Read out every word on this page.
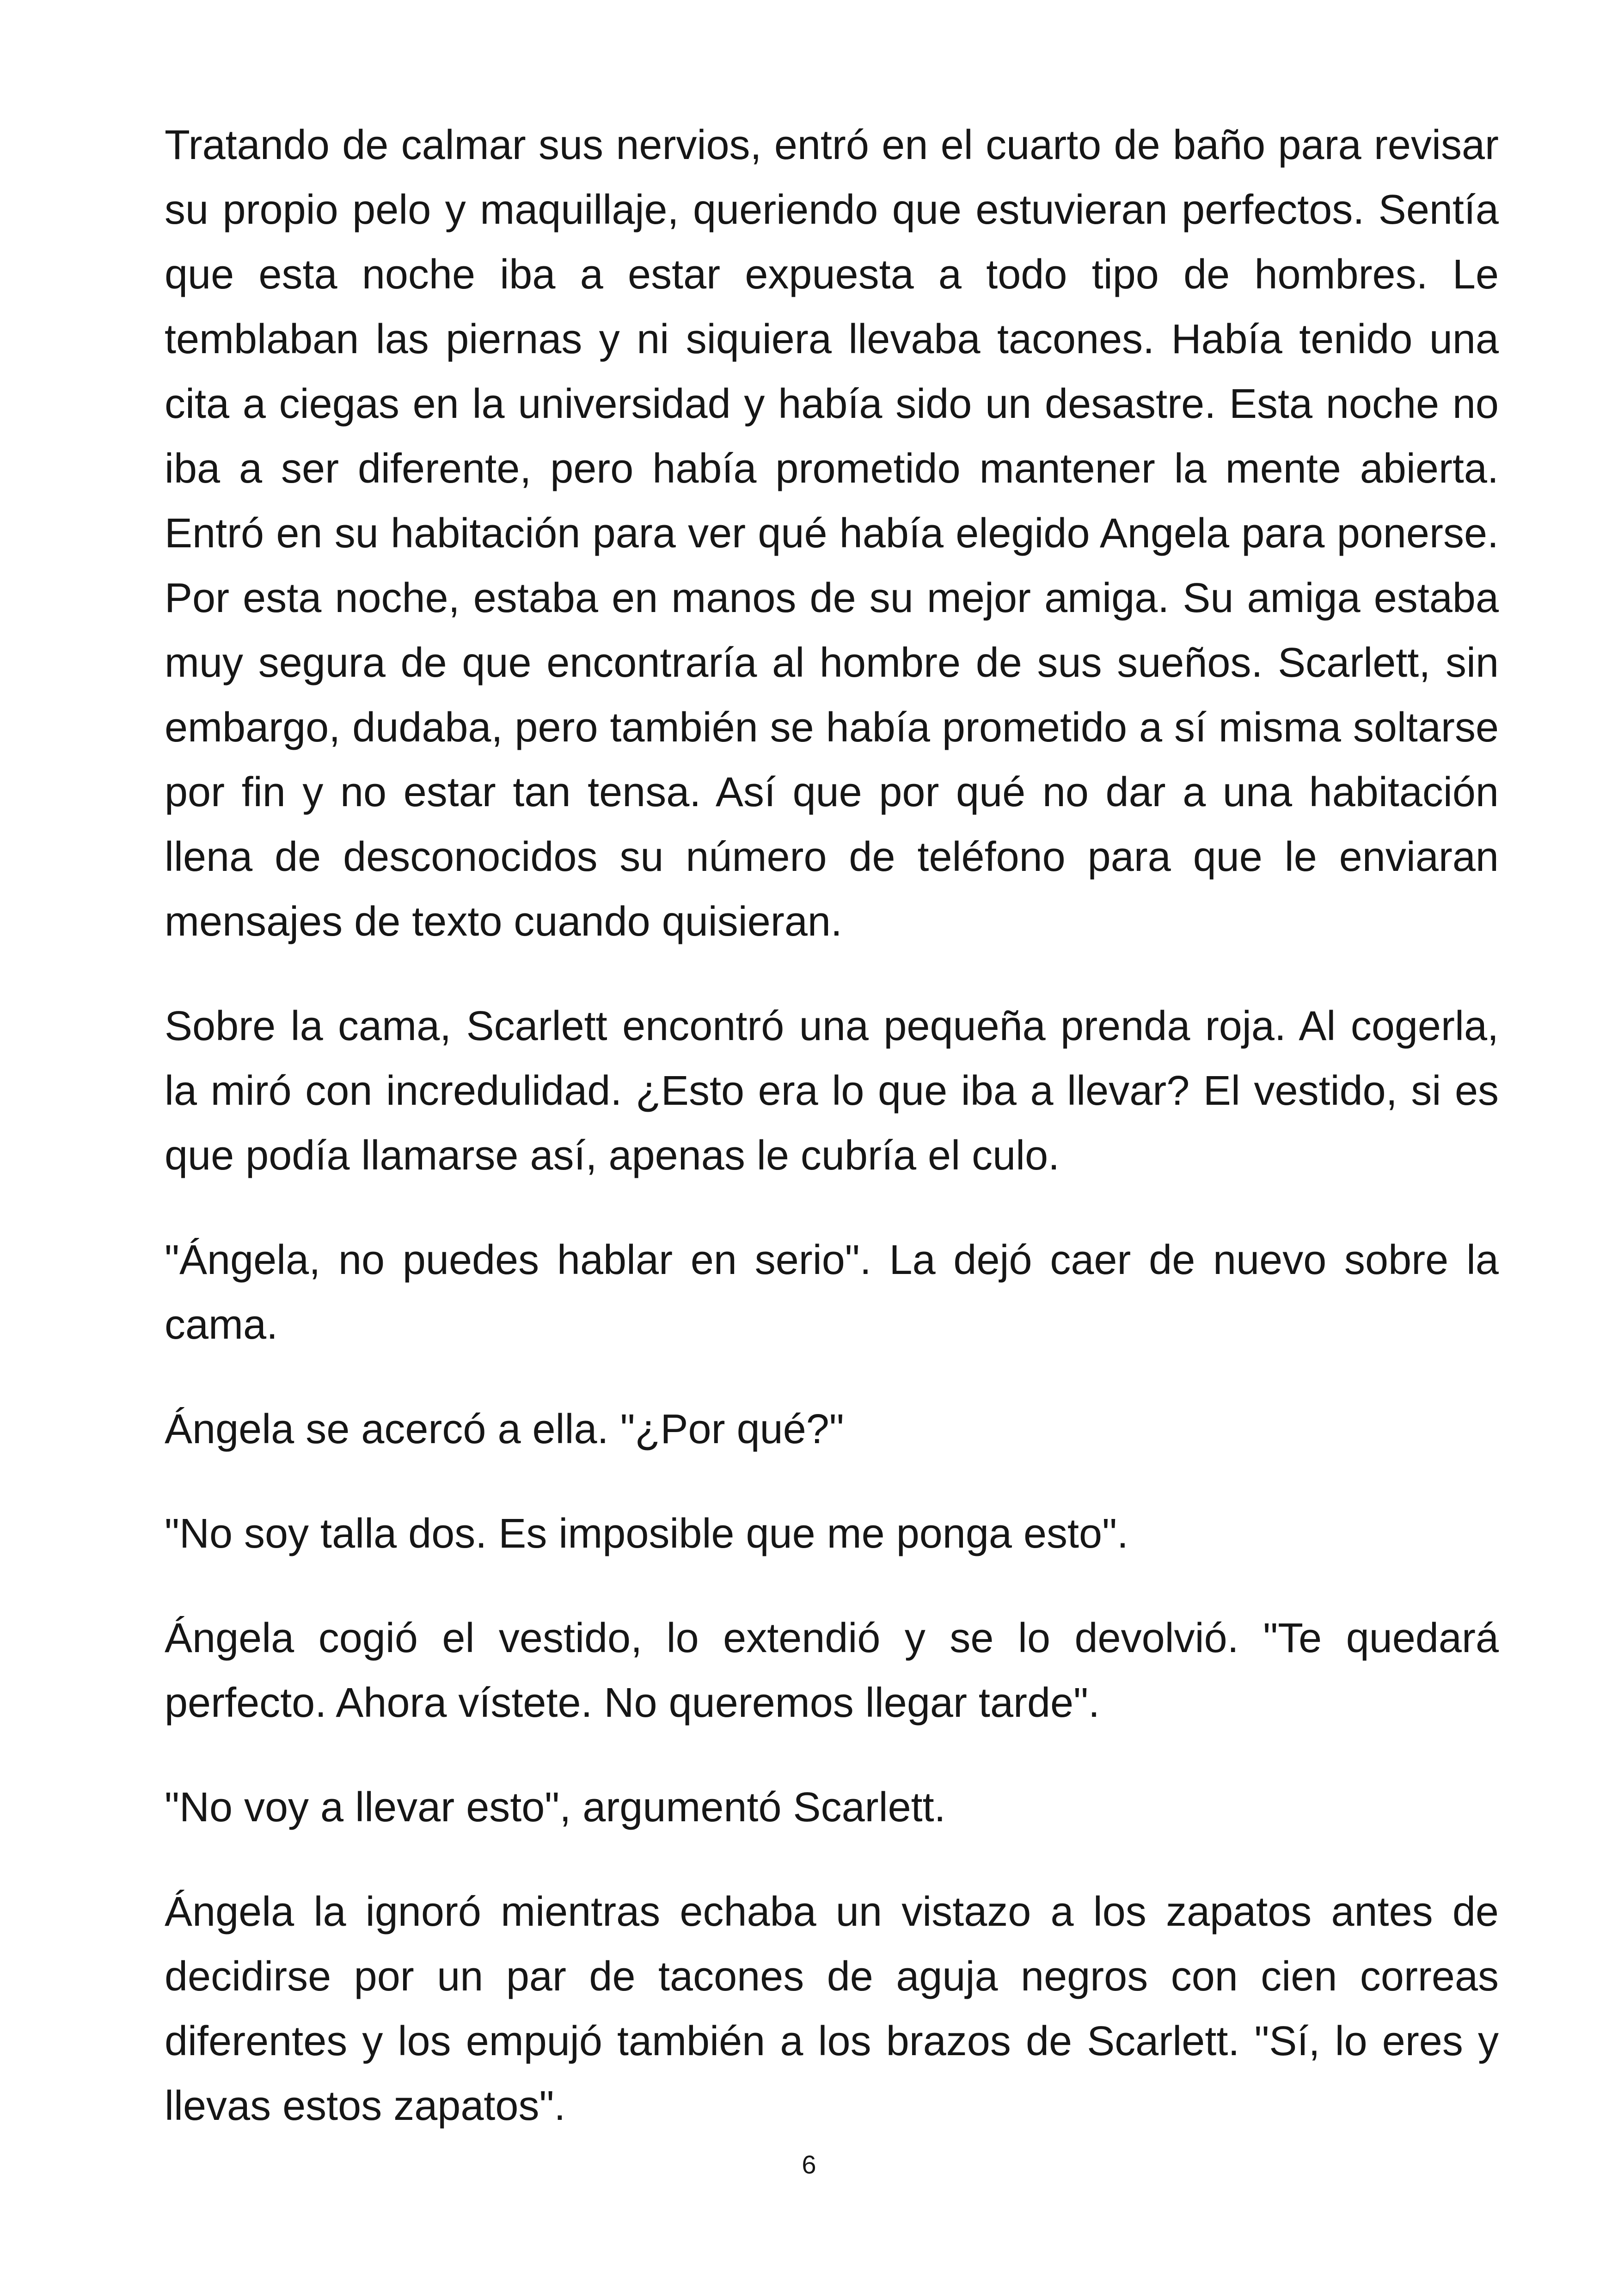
Tratando de calmar sus nervios, entró en el cuarto de baño para revisar su propio pelo y maquillaje, queriendo que estuvieran perfectos. Sentía que esta noche iba a estar expuesta a todo tipo de hombres. Le temblaban las piernas y ni siquiera llevaba tacones. Había tenido una cita a ciegas en la universidad y había sido un desastre. Esta noche no iba a ser diferente, pero había prometido mantener la mente abierta. Entró en su habitación para ver qué había elegido Angela para ponerse. Por esta noche, estaba en manos de su mejor amiga. Su amiga estaba muy segura de que encontraría al hombre de sus sueños. Scarlett, sin embargo, dudaba, pero también se había prometido a sí misma soltarse por fin y no estar tan tensa. Así que por qué no dar a una habitación llena de desconocidos su número de teléfono para que le enviaran mensajes de texto cuando quisieran.

Sobre la cama, Scarlett encontró una pequeña prenda roja. Al cogerla, la miró con incredulidad. ¿Esto era lo que iba a llevar? El vestido, si es que podía llamarse así, apenas le cubría el culo.

"Ángela, no puedes hablar en serio". La dejó caer de nuevo sobre la cama.

Ángela se acercó a ella. "¿Por qué?"

"No soy talla dos. Es imposible que me ponga esto".

Ángela cogió el vestido, lo extendió y se lo devolvió. "Te quedará perfecto. Ahora vístete. No queremos llegar tarde".

"No voy a llevar esto", argumentó Scarlett.

Ángela la ignoró mientras echaba un vistazo a los zapatos antes de decidirse por un par de tacones de aguja negros con cien correas diferentes y los empujó también a los brazos de Scarlett. "Sí, lo eres y llevas estos zapatos".

6
